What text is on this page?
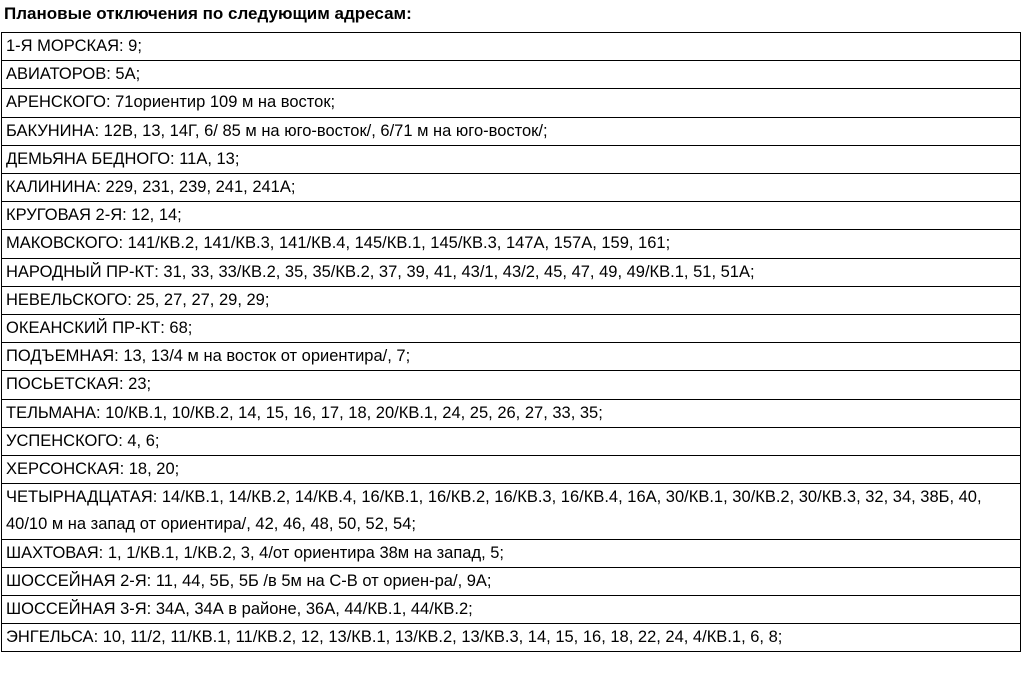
Плановые отключения по следующим адресам:
1-Я МОРСКАЯ: 9;
АВИАТОРОВ: 5А;
АРЕНСКОГО: 71ориентир 109 м на восток;
БАКУНИНА: 12В, 13, 14Г, 6/ 85 м на юго-восток/, 6/71 м на юго-восток/;
ДЕМЬЯНА БЕДНОГО: 11А, 13;
КАЛИНИНА: 229, 231, 239, 241, 241А;
КРУГОВАЯ 2-Я: 12, 14;
МАКОВСКОГО: 141/КВ.2, 141/КВ.3, 141/КВ.4, 145/КВ.1, 145/КВ.3, 147А, 157А, 159, 161;
НАРОДНЫЙ ПР-КТ: 31, 33, 33/КВ.2, 35, 35/КВ.2, 37, 39, 41, 43/1, 43/2, 45, 47, 49, 49/КВ.1, 51, 51А;
НЕВЕЛЬСКОГО: 25, 27, 27, 29, 29;
ОКЕАНСКИЙ ПР-КТ: 68;
ПОДЪЕМНАЯ: 13, 13/4 м на восток от ориентира/, 7;
ПОСЬЕТСКАЯ: 23;
ТЕЛЬМАНА: 10/КВ.1, 10/КВ.2, 14, 15, 16, 17, 18, 20/КВ.1, 24, 25, 26, 27, 33, 35;
УСПЕНСКОГО: 4, 6;
ХЕРСОНСКАЯ: 18, 20;
ЧЕТЫРНАДЦАТАЯ: 14/КВ.1, 14/КВ.2, 14/КВ.4, 16/КВ.1, 16/КВ.2, 16/КВ.3, 16/КВ.4, 16А, 30/КВ.1, 30/КВ.2, 30/КВ.3, 32, 34, 38Б, 40, 40/10 м на запад от ориентира/, 42, 46, 48, 50, 52, 54;
ШАХТОВАЯ: 1, 1/КВ.1, 1/КВ.2, 3, 4/от ориентира 38м на запад, 5;
ШОССЕЙНАЯ 2-Я: 11, 44, 5Б, 5Б /в 5м на С-В от ориен-ра/, 9А;
ШОССЕЙНАЯ 3-Я: 34А, 34А в районе, 36А, 44/КВ.1, 44/КВ.2;
ЭНГЕЛЬСА: 10, 11/2, 11/КВ.1, 11/КВ.2, 12, 13/КВ.1, 13/КВ.2, 13/КВ.3, 14, 15, 16, 18, 22, 24, 4/КВ.1, 6, 8;
